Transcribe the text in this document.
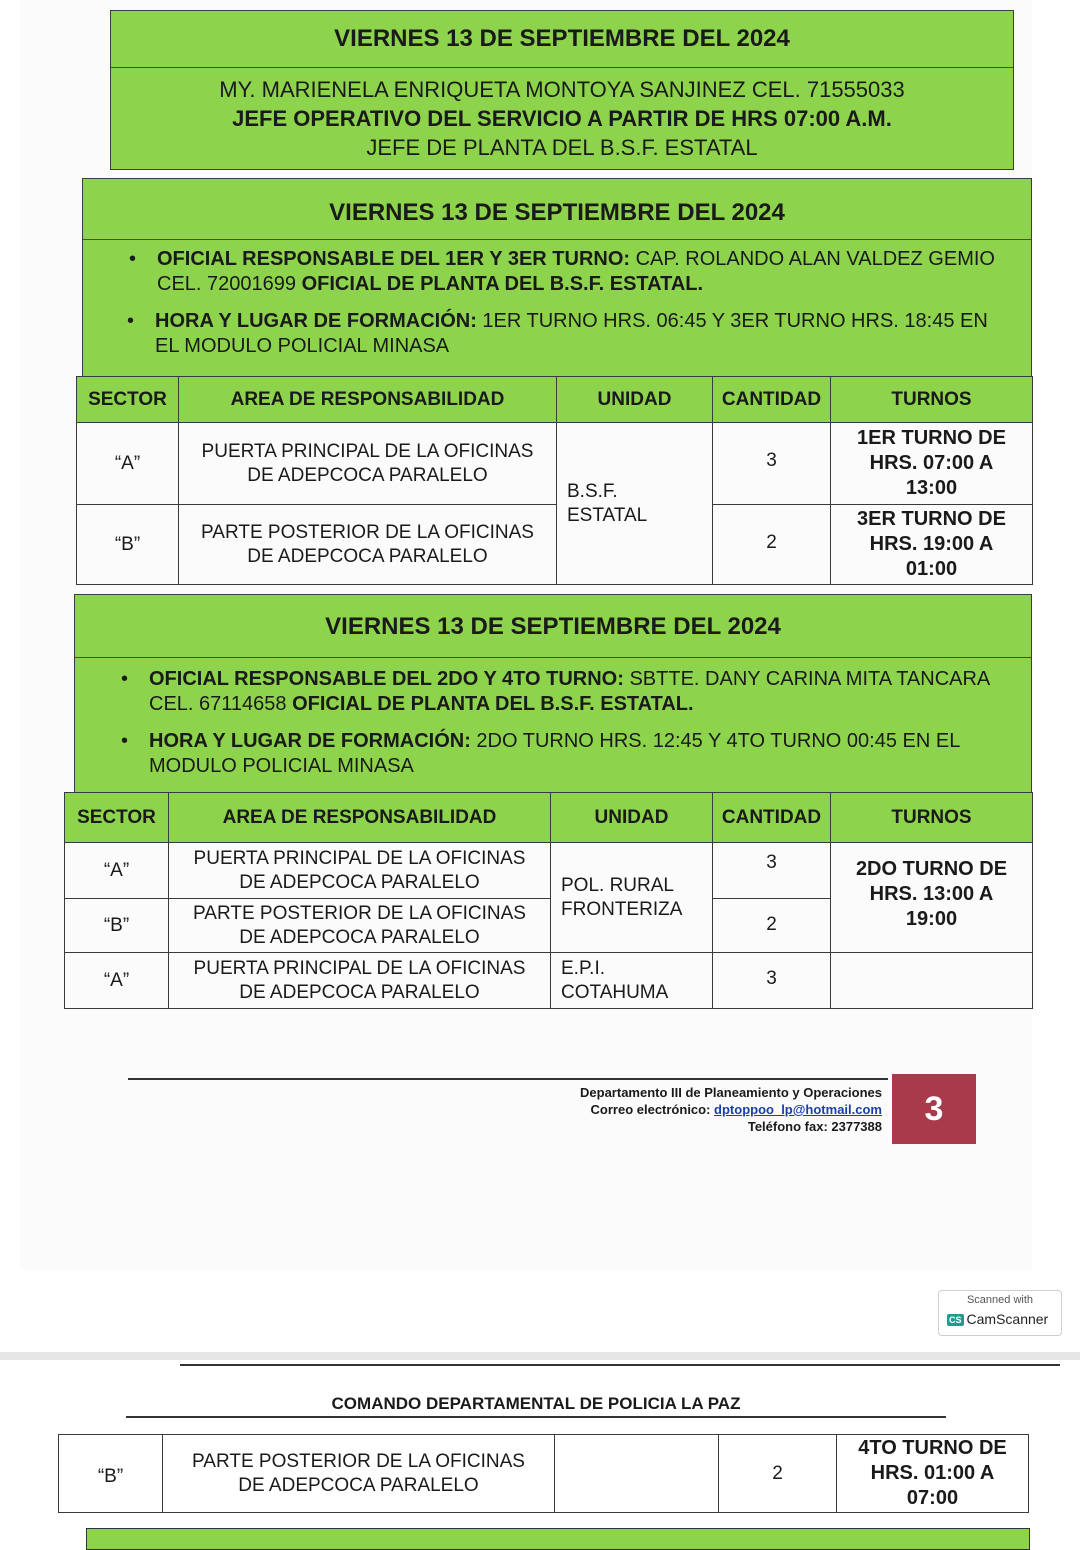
VIERNES 13 DE SEPTIEMBRE DEL 2024
MY. MARIENELA ENRIQUETA MONTOYA SANJINEZ CEL. 71555033
JEFE OPERATIVO DEL SERVICIO A PARTIR DE HRS 07:00 A.M.
JEFE DE PLANTA DEL B.S.F. ESTATAL
VIERNES 13 DE SEPTIEMBRE DEL 2024
• OFICIAL RESPONSABLE DEL 1ER Y 3ER TURNO: CAP. ROLANDO ALAN VALDEZ GEMIO
CEL. 72001699 OFICIAL DE PLANTA DEL B.S.F. ESTATAL.
• HORA Y LUGAR DE FORMACIÓN: 1ER TURNO HRS. 06:45 Y 3ER TURNO HRS. 18:45 EN
EL MODULO POLICIAL MINASA
SECTOR	AREA DE RESPONSABILIDAD	UNIDAD	CANTIDAD	TURNOS
“A”	PUERTA PRINCIPAL DE LA OFICINAS
DE ADEPCOCA PARALELO	B.S.F.
ESTATAL	3	1ER TURNO DE
HRS. 07:00 A
13:00
“B”	PARTE POSTERIOR DE LA OFICINAS
DE ADEPCOCA PARALELO		2	3ER TURNO DE
HRS. 19:00 A
01:00
VIERNES 13 DE SEPTIEMBRE DEL 2024
• OFICIAL RESPONSABLE DEL 2DO Y 4TO TURNO: SBTTE. DANY CARINA MITA TANCARA
CEL. 67114658 OFICIAL DE PLANTA DEL B.S.F. ESTATAL.
• HORA Y LUGAR DE FORMACIÓN: 2DO TURNO HRS. 12:45 Y 4TO TURNO 00:45 EN EL
MODULO POLICIAL MINASA
SECTOR	AREA DE RESPONSABILIDAD	UNIDAD	CANTIDAD	TURNOS
“A”	PUERTA PRINCIPAL DE LA OFICINAS
DE ADEPCOCA PARALELO	POL. RURAL
FRONTERIZA	3	2DO TURNO DE
HRS. 13:00 A
19:00
“B”	PARTE POSTERIOR DE LA OFICINAS
DE ADEPCOCA PARALELO		2	
“A”	PUERTA PRINCIPAL DE LA OFICINAS
DE ADEPCOCA PARALELO	E.P.I.
COTAHUMA	3	
Departamento III de Planeamiento y Operaciones
Correo electrónico: dptoppoo_lp@hotmail.com
Teléfono fax: 2377388	3
Scanned with
CS CamScanner
COMANDO DEPARTAMENTAL DE POLICIA LA PAZ
“B”	PARTE POSTERIOR DE LA OFICINAS
DE ADEPCOCA PARALELO		2	4TO TURNO DE
HRS. 01:00 A
07:00
